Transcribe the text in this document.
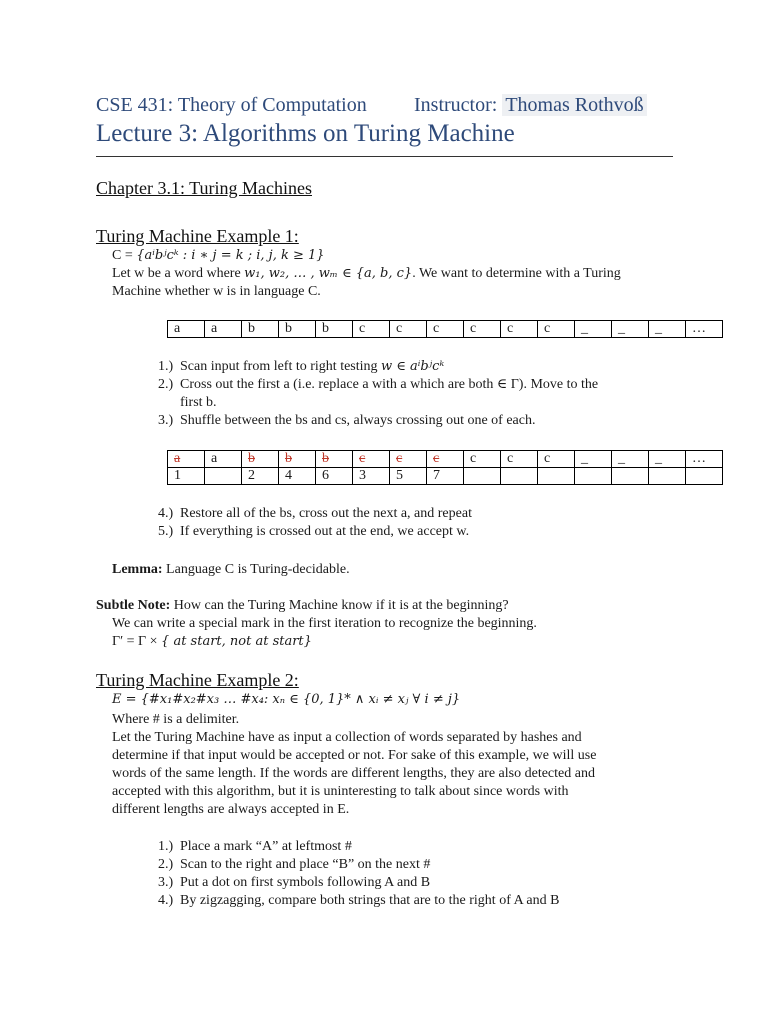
CSE 431: Theory of Computation Instructor: Thomas Rothvoß
Lecture 3: Algorithms on Turing Machine
Chapter 3.1: Turing Machines
Turing Machine Example 1:
C = {aⁱbʲcᵏ : i ∗ j = k ; i, j, k ≥ 1}
Let w be a word where w₁, w₂, … , wₘ ∈ {a, b, c}. We want to determine with a Turing
Machine whether w is in language C.
a	a	b	b	b	c	c	c	c	c	c	_	_	_	…
1.) Scan input from left to right testing w ∈ aⁱbʲcᵏ
2.) Cross out the first a (i.e. replace a with a which are both ∈ Γ). Move to the
first b.
3.) Shuffle between the bs and cs, always crossing out one of each.
a	a	b	b	b	c	c	c	c	c	c	_	_	_	…
1		2	4	6	3	5	7							
4.) Restore all of the bs, cross out the next a, and repeat
5.) If everything is crossed out at the end, we accept w.
Lemma: Language C is Turing-decidable.
Subtle Note: How can the Turing Machine know if it is at the beginning?
We can write a special mark in the first iteration to recognize the beginning.
Γ′ = Γ × { at start, not at start}
Turing Machine Example 2:
E = {#x₁#x₂#x₃ … #x₄: xₙ ∈ {0, 1}* ∧ xᵢ ≠ xⱼ ∀ i ≠ j}
Where # is a delimiter.
Let the Turing Machine have as input a collection of words separated by hashes and
determine if that input would be accepted or not. For sake of this example, we will use
words of the same length. If the words are different lengths, they are also detected and
accepted with this algorithm, but it is uninteresting to talk about since words with
different lengths are always accepted in E.
1.) Place a mark “A” at leftmost #
2.) Scan to the right and place “B” on the next #
3.) Put a dot on first symbols following A and B
4.) By zigzagging, compare both strings that are to the right of A and B
